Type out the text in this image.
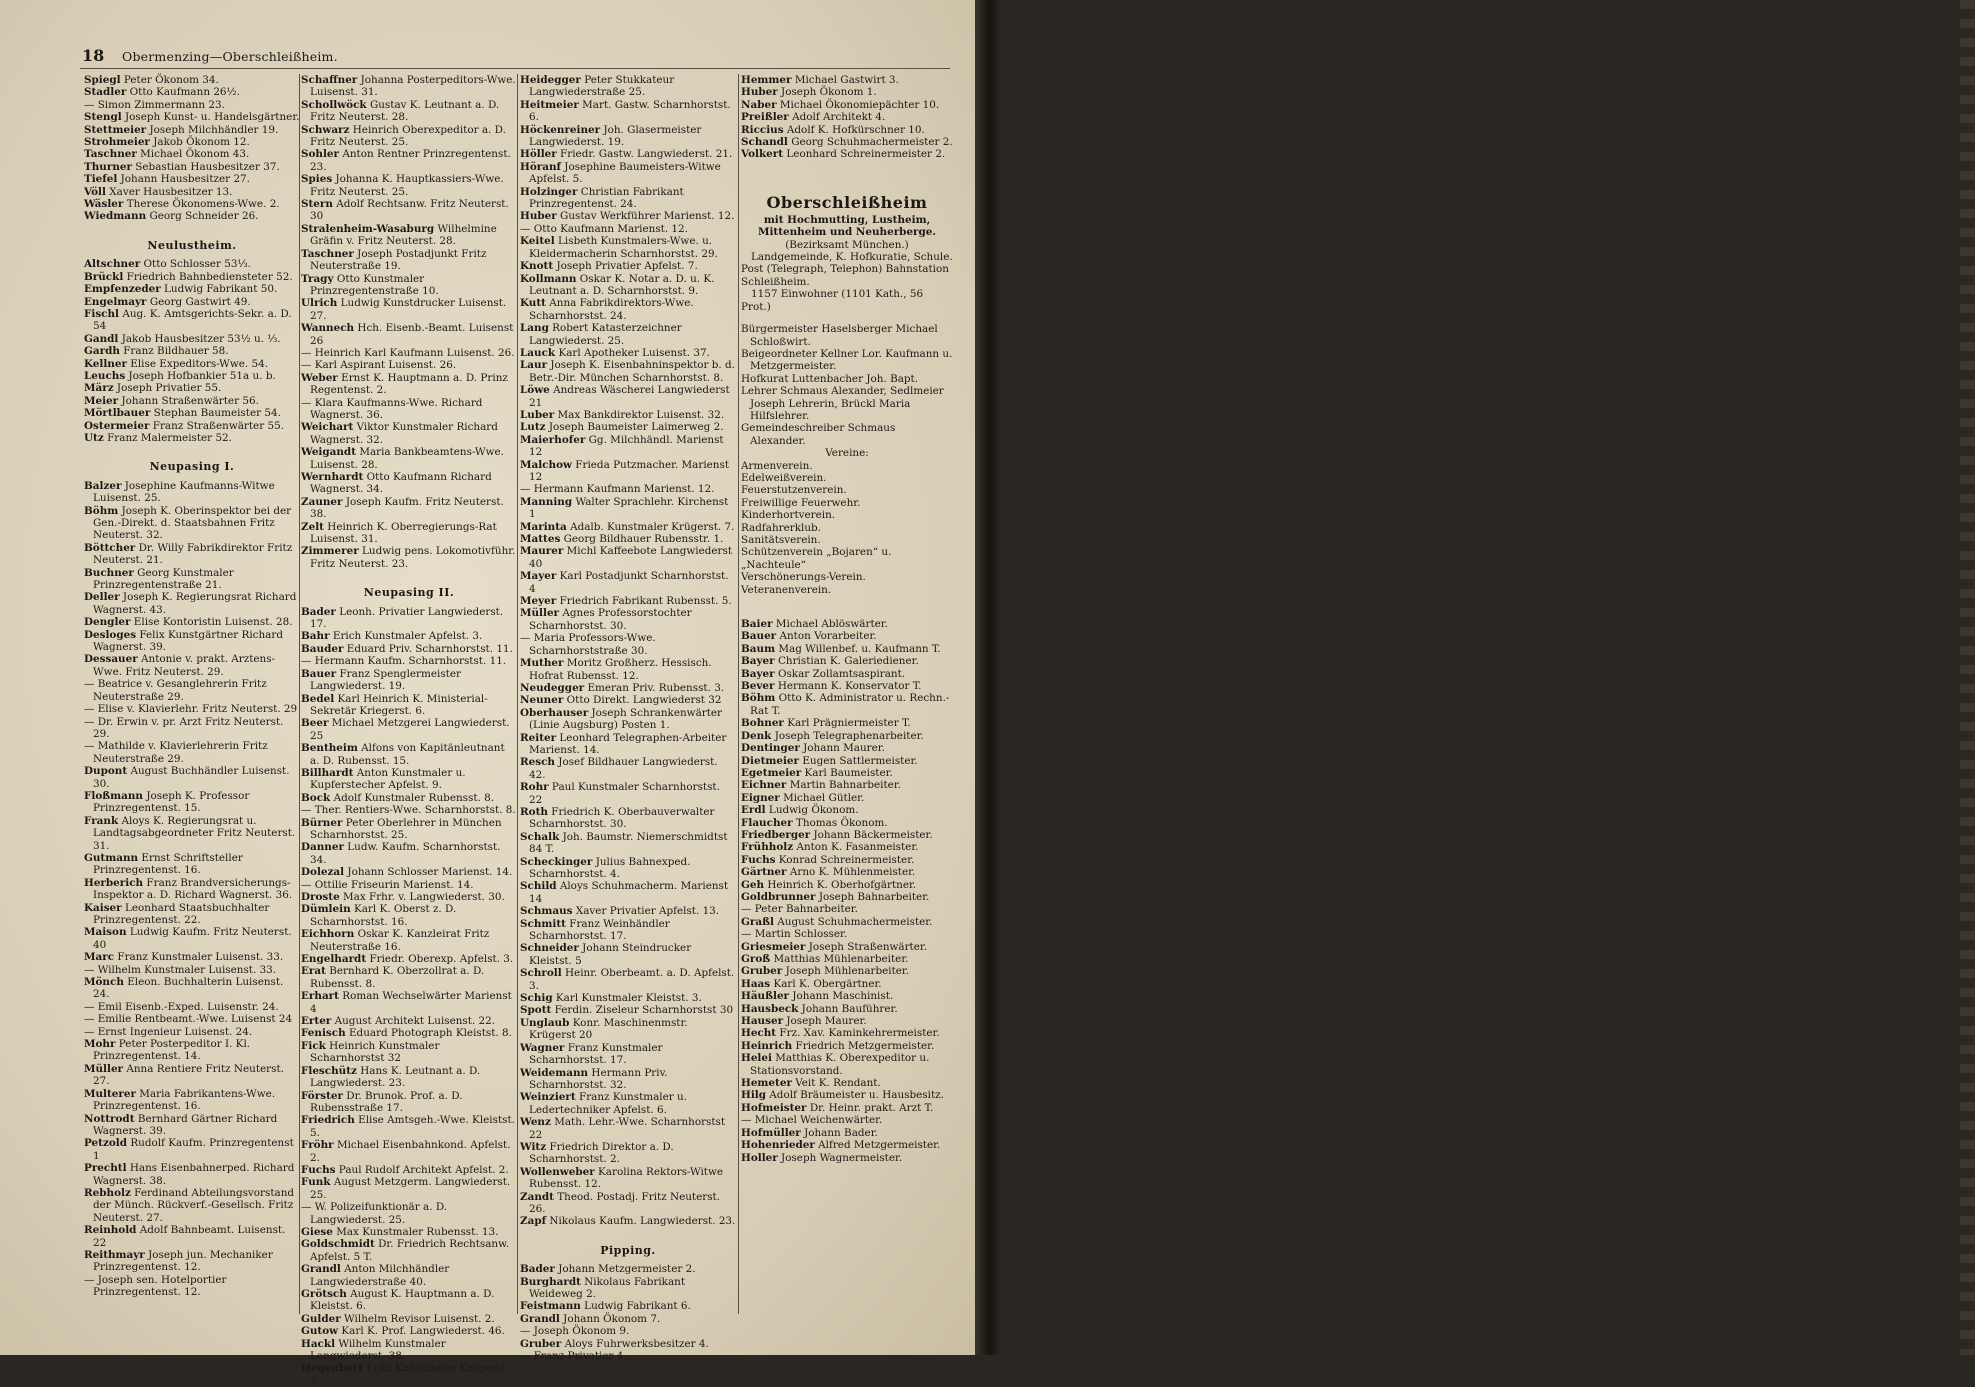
18 Obermenzing—Oberschleißheim.
Spiegl Peter Ökonom 34.
Stadler Otto Kaufmann 26½.
— Simon Zimmermann 23.
Stengl Joseph Kunst- u. Handelsgärtner.
Stettmeier Joseph Milchhändler 19.
Strohmeier Jakob Ökonom 12.
Taschner Michael Ökonom 43.
Thurner Sebastian Hausbesitzer 37.
Tiefel Johann Hausbesitzer 27.
Völl Xaver Hausbesitzer 13.
Wäsler Therese Ökonomens-Wwe. 2.
Wiedmann Georg Schneider 26.
Neulustheim.
Altschner Otto Schlosser 53⅓.
Brückl Friedrich Bahnbediensteter 52.
Empfenzeder Ludwig Fabrikant 50.
Engelmayr Georg Gastwirt 49.
Fischl Aug. K. Amtsgerichts-Sekr. a. D. 54
Gandl Jakob Hausbesitzer 53½ u. ⅓.
Gardh Franz Bildhauer 58.
Kellner Elise Expeditors-Wwe. 54.
Leuchs Joseph Hofbankier 51a u. b.
März Joseph Privatier 55.
Meier Johann Straßenwärter 56.
Mörtlbauer Stephan Baumeister 54.
Ostermeier Franz Straßenwärter 55.
Utz Franz Malermeister 52.
Neupasing I.
Balzer Josephine Kaufmanns-Witwe Luisenst. 25.
Böhm Joseph K. Oberinspektor bei der Gen.-Direkt. d. Staatsbahnen Fritz Neuterst. 32.
Böttcher Dr. Willy Fabrikdirektor Fritz Neuterst. 21.
Buchner Georg Kunstmaler Prinzregentenstraße 21.
Deller Joseph K. Regierungsrat Richard Wagnerst. 43.
Dengler Elise Kontoristin Luisenst. 28.
Desloges Felix Kunstgärtner Richard Wagnerst. 39.
Dessauer Antonie v. prakt. Arztens-Wwe. Fritz Neuterst. 29.
— Beatrice v. Gesanglehrerin Fritz Neuterstraße 29.
— Elise v. Klavierlehr. Fritz Neuterst. 29
— Dr. Erwin v. pr. Arzt Fritz Neuterst. 29.
— Mathilde v. Klavierlehrerin Fritz Neuterstraße 29.
Dupont August Buchhändler Luisenst. 30.
Floßmann Joseph K. Professor Prinzregentenst. 15.
Frank Aloys K. Regierungsrat u. Landtagsabgeordneter Fritz Neuterst. 31.
Gutmann Ernst Schriftsteller Prinzregentenst. 16.
Herberich Franz Brandversicherungs-Inspektor a. D. Richard Wagnerst. 36.
Kaiser Leonhard Staatsbuchhalter Prinzregentenst. 22.
Maison Ludwig Kaufm. Fritz Neuterst. 40
Marc Franz Kunstmaler Luisenst. 33.
— Wilhelm Kunstmaler Luisenst. 33.
Mönch Eleon. Buchhalterin Luisenst. 24.
— Emil Eisenb.-Exped. Luisenstr. 24.
— Emilie Rentbeamt.-Wwe. Luisenst 24
— Ernst Ingenieur Luisenst. 24.
Mohr Peter Posterpeditor I. Kl. Prinzregentenst. 14.
Müller Anna Rentiere Fritz Neuterst. 27.
Multerer Maria Fabrikantens-Wwe. Prinzregentenst. 16.
Nottrodt Bernhard Gärtner Richard Wagnerst. 39.
Petzold Rudolf Kaufm. Prinzregentenst 1
Prechtl Hans Eisenbahnerped. Richard Wagnerst. 38.
Rebholz Ferdinand Abteilungsvorstand der Münch. Rückverf.-Gesellsch. Fritz Neuterst. 27.
Reinhold Adolf Bahnbeamt. Luisenst. 22
Reithmayr Joseph jun. Mechaniker Prinzregentenst. 12.
— Joseph sen. Hotelportier Prinzregentenst. 12.
Schaffner Johanna Posterpeditors-Wwe. Luisenst. 31.
Schollwöck Gustav K. Leutnant a. D. Fritz Neuterst. 28.
Schwarz Heinrich Oberexpeditor a. D. Fritz Neuterst. 25.
Sohler Anton Rentner Prinzregentenst. 23.
Spies Johanna K. Hauptkassiers-Wwe. Fritz Neuterst. 25.
Stern Adolf Rechtsanw. Fritz Neuterst. 30
Stralenheim-Wasaburg Wilhelmine Gräfin v. Fritz Neuterst. 28.
Taschner Joseph Postadjunkt Fritz Neuterstraße 19.
Tragy Otto Kunstmaler Prinzregentenstraße 10.
Ulrich Ludwig Kunstdrucker Luisenst. 27.
Wannech Hch. Eisenb.-Beamt. Luisenst 26
— Heinrich Karl Kaufmann Luisenst. 26.
— Karl Aspirant Luisenst. 26.
Weber Ernst K. Hauptmann a. D. Prinz Regentenst. 2.
— Klara Kaufmanns-Wwe. Richard Wagnerst. 36.
Weichart Viktor Kunstmaler Richard Wagnerst. 32.
Weigandt Maria Bankbeamtens-Wwe. Luisenst. 28.
Wernhardt Otto Kaufmann Richard Wagnerst. 34.
Zauner Joseph Kaufm. Fritz Neuterst. 38.
Zelt Heinrich K. Oberregierungs-Rat Luisenst. 31.
Zimmerer Ludwig pens. Lokomotivführ. Fritz Neuterst. 23.
Neupasing II.
Bader Leonh. Privatier Langwiederst. 17.
Bahr Erich Kunstmaler Apfelst. 3.
Bauder Eduard Priv. Scharnhorstst. 11.
— Hermann Kaufm. Scharnhorstst. 11.
Bauer Franz Spenglermeister Langwiederst. 19.
Bedel Karl Heinrich K. Ministerial-Sekretär Kriegerst. 6.
Beer Michael Metzgerei Langwiederst. 25
Bentheim Alfons von Kapitänleutnant a. D. Rubensst. 15.
Billhardt Anton Kunstmaler u. Kupferstecher Apfelst. 9.
Bock Adolf Kunstmaler Rubensst. 8.
— Ther. Rentiers-Wwe. Scharnhorstst. 8.
Bürner Peter Oberlehrer in München Scharnhorstst. 25.
Danner Ludw. Kaufm. Scharnhorstst. 34.
Dolezal Johann Schlosser Marienst. 14.
— Ottilie Friseurin Marienst. 14.
Droste Max Frhr. v. Langwiederst. 30.
Dümlein Karl K. Oberst z. D. Scharnhorstst. 16.
Eichhorn Oskar K. Kanzleirat Fritz Neuterstraße 16.
Engelhardt Friedr. Oberexp. Apfelst. 3.
Erat Bernhard K. Oberzollrat a. D. Rubensst. 8.
Erhart Roman Wechselwärter Marienst 4
Erter August Architekt Luisenst. 22.
Fenisch Eduard Photograph Kleistst. 8.
Fick Heinrich Kunstmaler Scharnhorstst 32
Fleschütz Hans K. Leutnant a. D. Langwiederst. 23.
Förster Dr. Brunok. Prof. a. D. Rubensstraße 17.
Friedrich Elise Amtsgeh.-Wwe. Kleistst. 5.
Fröhr Michael Eisenbahnkond. Apfelst. 2.
Fuchs Paul Rudolf Architekt Apfelst. 2.
Funk August Metzgerm. Langwiederst. 25.
— W. Polizeifunktionär a. D. Langwiederst. 25.
Giese Max Kunstmaler Rubensst. 13.
Goldschmidt Dr. Friedrich Rechtsanw. Apfelst. 5 T.
Grandl Anton Milchhändler Langwiederstraße 40.
Grötsch August K. Hauptmann a. D. Kleistst. 6.
Gulder Wilhelm Revisor Luisenst. 2.
Gutow Karl K. Prof. Langwiederst. 46.
Hackl Wilhelm Kunstmaler Langwiederst. 38.
Hegenbart Fritz Kunstmaler Krügerst. 7.
Heidegger Peter Stukkateur Langwiederstraße 25.
Heitmeier Mart. Gastw. Scharnhorstst. 6.
Höckenreiner Joh. Glasermeister Langwiederst. 19.
Höller Friedr. Gastw. Langwiederst. 21.
Höranf Josephine Baumeisters-Witwe Apfelst. 5.
Holzinger Christian Fabrikant Prinzregentenst. 24.
Huber Gustav Werkführer Marienst. 12.
— Otto Kaufmann Marienst. 12.
Keitel Lisbeth Kunstmalers-Wwe. u. Kleidermacherin Scharnhorstst. 29.
Knott Joseph Privatier Apfelst. 7.
Kollmann Oskar K. Notar a. D. u. K. Leutnant a. D. Scharnhorstst. 9.
Kutt Anna Fabrikdirektors-Wwe. Scharnhorstst. 24.
Lang Robert Katasterzeichner Langwiederst. 25.
Lauck Karl Apotheker Luisenst. 37.
Laur Joseph K. Eisenbahninspektor b. d. Betr.-Dir. München Scharnhorstst. 8.
Löwe Andreas Wäscherei Langwiederst 21
Luber Max Bankdirektor Luisenst. 32.
Lutz Joseph Baumeister Laimerweg 2.
Maierhofer Gg. Milchhändl. Marienst 12
Malchow Frieda Putzmacher. Marienst 12
— Hermann Kaufmann Marienst. 12.
Manning Walter Sprachlehr. Kirchenst 1
Marinta Adalb. Kunstmaler Krügerst. 7.
Mattes Georg Bildhauer Rubensstr. 1.
Maurer Michl Kaffeebote Langwiederst 40
Mayer Karl Postadjunkt Scharnhorstst. 4
Meyer Friedrich Fabrikant Rubensst. 5.
Müller Agnes Professorstochter Scharnhorstst. 30.
— Maria Professors-Wwe. Scharnhorststraße 30.
Muther Moritz Großherz. Hessisch. Hofrat Rubensst. 12.
Neudegger Emeran Priv. Rubensst. 3.
Neuner Otto Direkt. Langwiederst 32
Oberhauser Joseph Schrankenwärter (Linie Augsburg) Posten 1.
Reiter Leonhard Telegraphen-Arbeiter Marienst. 14.
Resch Josef Bildhauer Langwiederst. 42.
Rohr Paul Kunstmaler Scharnhorstst. 22
Roth Friedrich K. Oberbauverwalter Scharnhorstst. 30.
Schalk Joh. Baumstr. Niemerschmidtst 84 T.
Scheckinger Julius Bahnexped. Scharnhorstst. 4.
Schild Aloys Schuhmacherm. Marienst 14
Schmaus Xaver Privatier Apfelst. 13.
Schmitt Franz Weinhändler Scharnhorstst. 17.
Schneider Johann Steindrucker Kleistst. 5
Schroll Heinr. Oberbeamt. a. D. Apfelst. 3.
Schig Karl Kunstmaler Kleistst. 3.
Spott Ferdin. Ziseleur Scharnhorstst 30
Unglaub Konr. Maschinenmstr. Krügerst 20
Wagner Franz Kunstmaler Scharnhorstst. 17.
Weidemann Hermann Priv. Scharnhorstst. 32.
Weinziert Franz Kunstmaler u. Ledertechniker Apfelst. 6.
Wenz Math. Lehr.-Wwe. Scharnhorstst 22
Witz Friedrich Direktor a. D. Scharnhorstst. 2.
Wollenweber Karolina Rektors-Witwe Rubensst. 12.
Zandt Theod. Postadj. Fritz Neuterst. 26.
Zapf Nikolaus Kaufm. Langwiederst. 23.
Pipping.
Bader Johann Metzgermeister 2.
Burghardt Nikolaus Fabrikant Weideweg 2.
Feistmann Ludwig Fabrikant 6.
Grandl Johann Ökonom 7.
— Joseph Ökonom 9.
Gruber Aloys Fuhrwerksbesitzer 4.
— Franz Privatier 4.
Hemmer Michael Gastwirt 3.
Huber Joseph Ökonom 1.
Naber Michael Ökonomiepächter 10.
Preißler Adolf Architekt 4.
Riccius Adolf K. Hofkürschner 10.
Schandl Georg Schuhmachermeister 2.
Volkert Leonhard Schreinermeister 2.
Oberschleißheim
mit Hochmutting, Lustheim, Mittenheim und Neuherberge.
(Bezirksamt München.)
Landgemeinde, K. Hofkuratie, Schule. Post (Telegraph, Telephon) Bahnstation Schleißheim.
1157 Einwohner (1101 Kath., 56 Prot.)
Bürgermeister Haselsberger Michael Schloßwirt.
Beigeordneter Kellner Lor. Kaufmann u. Metzgermeister.
Hofkurat Luttenbacher Joh. Bapt.
Lehrer Schmaus Alexander, Sedlmeier Joseph Lehrerin, Brückl Maria Hilfslehrer.
Gemeindeschreiber Schmaus Alexander.
Vereine:
Armenverein.
Edelweißverein.
Feuerstutzenverein.
Freiwillige Feuerwehr.
Kinderhortverein.
Radfahrerklub.
Sanitätsverein.
Schützenverein „Bojaren“ u. „Nachteule“
Verschönerungs-Verein.
Veteranenverein.
Baier Michael Ablöswärter.
Bauer Anton Vorarbeiter.
Baum Mag Willenbef. u. Kaufmann T.
Bayer Christian K. Galeriediener.
Bayer Oskar Zollamtsaspirant.
Bever Hermann K. Konservator T.
Böhm Otto K. Administrator u. Rechn.-Rat T.
Bohner Karl Prägniermeister T.
Denk Joseph Telegraphenarbeiter.
Dentinger Johann Maurer.
Dietmeier Eugen Sattlermeister.
Egetmeier Karl Baumeister.
Eichner Martin Bahnarbeiter.
Eigner Michael Gütler.
Erdl Ludwig Ökonom.
Flaucher Thomas Ökonom.
Friedberger Johann Bäckermeister.
Frühholz Anton K. Fasanmeister.
Fuchs Konrad Schreinermeister.
Gärtner Arno K. Mühlenmeister.
Geh Heinrich K. Oberhofgärtner.
Goldbrunner Joseph Bahnarbeiter.
— Peter Bahnarbeiter.
Graßl August Schuhmachermeister.
— Martin Schlosser.
Griesmeier Joseph Straßenwärter.
Groß Matthias Mühlenarbeiter.
Gruber Joseph Mühlenarbeiter.
Haas Karl K. Obergärtner.
Häußler Johann Maschinist.
Hausbeck Johann Bauführer.
Hauser Joseph Maurer.
Hecht Frz. Xav. Kaminkehrermeister.
Heinrich Friedrich Metzgermeister.
Helei Matthias K. Oberexpeditor u. Stationsvorstand.
Hemeter Veit K. Rendant.
Hilg Adolf Bräumeister u. Hausbesitz.
Hofmeister Dr. Heinr. prakt. Arzt T.
— Michael Weichenwärter.
Hofmüller Johann Bader.
Hohenrieder Alfred Metzgermeister.
Holler Joseph Wagnermeister.
